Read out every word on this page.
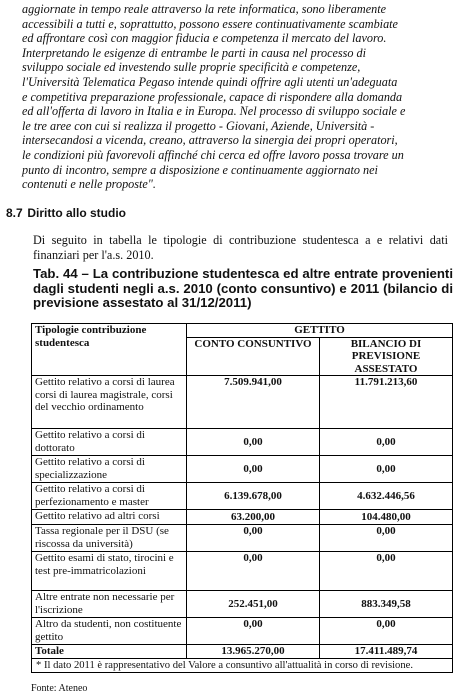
aggiornate in tempo reale attraverso la rete informatica, sono liberamente

accessibili a tutti e, soprattutto, possono essere continuativamente scambiate

ed affrontare così con maggior fiducia e competenza il mercato del lavoro.

Interpretando le esigenze di entrambe le parti in causa nel processo di

sviluppo sociale ed investendo sulle proprie specificità e competenze,

l'Università Telematica Pegaso intende quindi offrire agli utenti un'adeguata

e competitiva preparazione professionale, capace di rispondere alla domanda

ed all'offerta di lavoro in Italia e in Europa. Nel processo di sviluppo sociale e

le tre aree con cui si realizza il progetto - Giovani, Aziende, Università -

intersecandosi a vicenda, creano, attraverso la sinergia dei propri operatori,

le condizioni più favorevoli affinché chi cerca ed offre lavoro possa trovare un

punto di incontro, sempre a disposizione e continuamente aggiornato nei

contenuti e nelle proposte".

8.7 Diritto allo studio
Di seguito in tabella le tipologie di contribuzione studentesca a e relativi dati finanziari per l'a.s. 2010.
Tab. 44 – La contribuzione studentesca ed altre entrate provenienti dagli studenti negli a.s. 2010 (conto consuntivo) e 2011 (bilancio di previsione assestato al 31/12/2011)
Tipologie contribuzione studentesca	GETTITO	
	CONTO CONSUNTIVO	BILANCIO DI PREVISIONE ASSESTATO
Gettito relativo a corsi di laurea corsi di laurea magistrale, corsi del vecchio ordinamento	7.509.941,00	11.791.213,60
Gettito relativo a corsi di dottorato	0,00	0,00
Gettito relativo a corsi di specializzazione	0,00	0,00
Gettito relativo a corsi di perfezionamento e master	6.139.678,00	4.632.446,56
Gettito relativo ad altri corsi	63.200,00	104.480,00
Tassa regionale per il DSU (se riscossa da università)	0,00	0,00
Gettito esami di stato, tirocini e test pre-immatricolazioni	0,00	0,00
Altre entrate non necessarie per l'iscrizione	252.451,00	883.349,58
Altro da studenti, non costituente gettito	0,00	0,00
Totale	13.965.270,00	17.411.489,74
* Il dato 2011 è rappresentativo del Valore a consuntivo all'attualità in corso di revisione.		
Fonte: Ateneo
